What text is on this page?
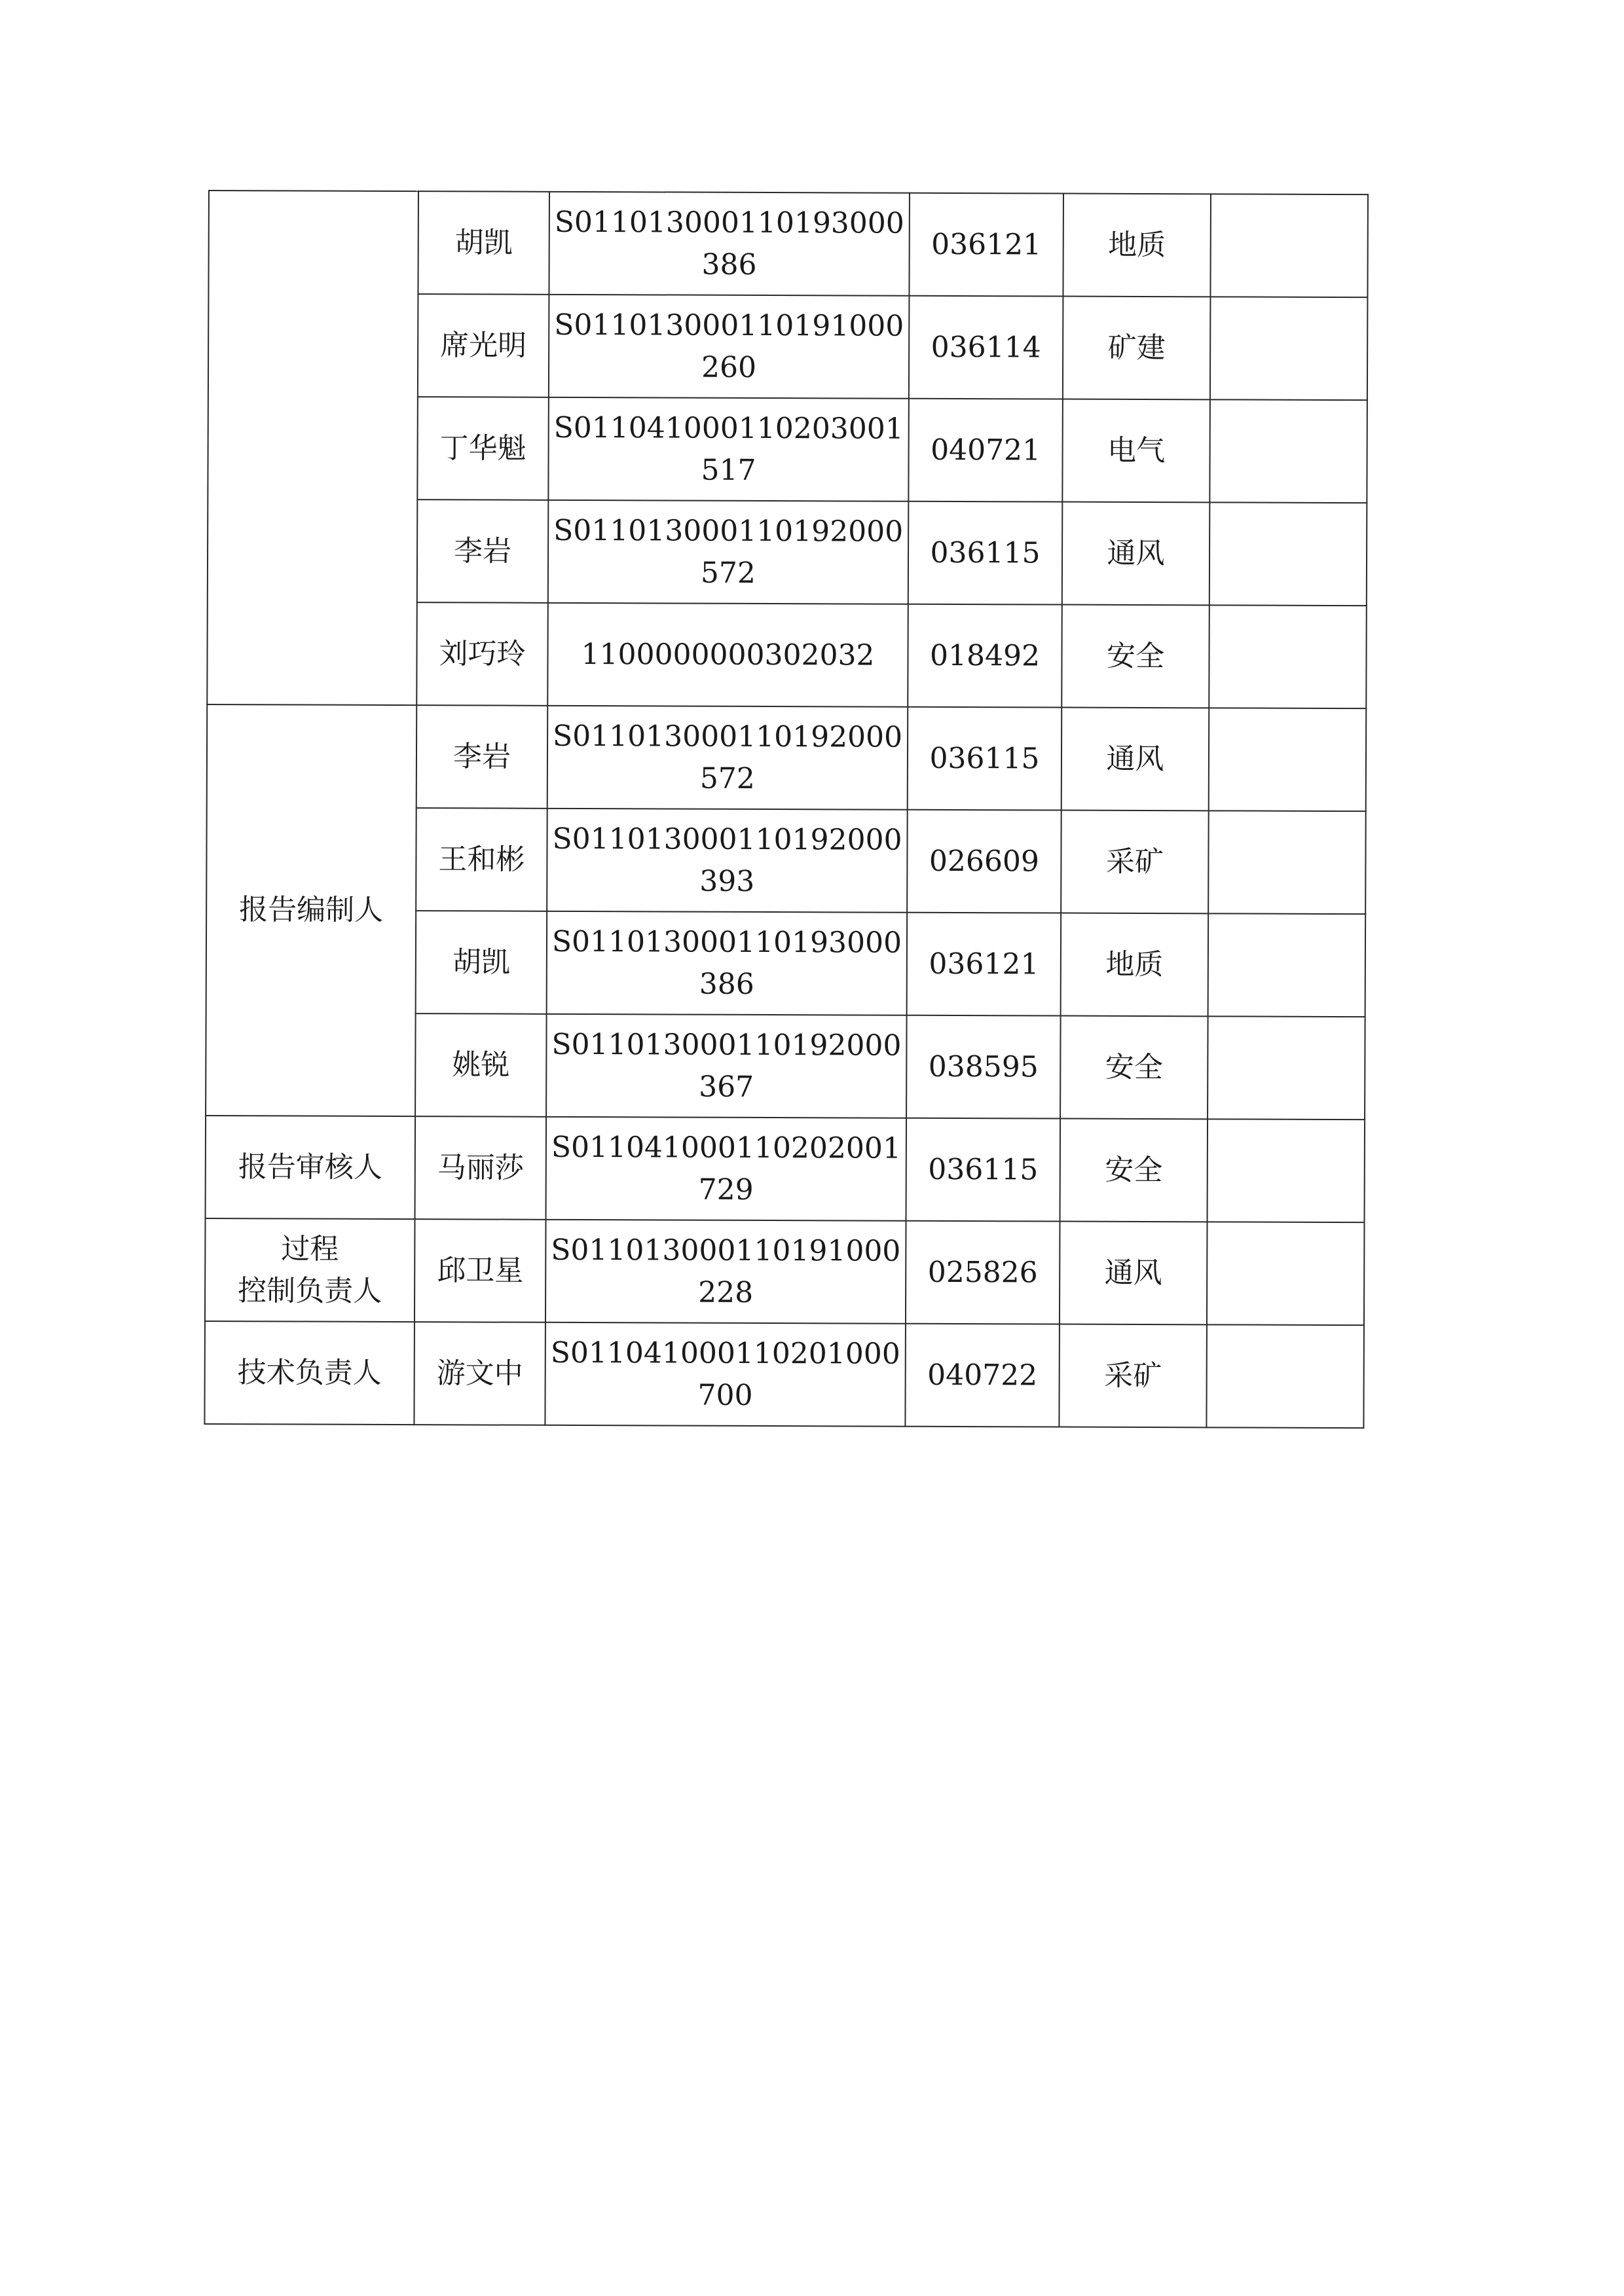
	胡凯	S011013000110193000386	036121	地质	
	席光明	S011013000110191000260	036114	矿建	
	丁华魁	S011041000110203001517	040721	电气	
	李岩	S011013000110192000572	036115	通风	
	刘巧玲	1100000000302032	018492	安全	

报告编制人	李岩	S011013000110192000572	036115	通风	
	王和彬	S011013000110192000393	026609	采矿	
	胡凯	S011013000110193000386	036121	地质	
	姚锐	S011013000110192000367	038595	安全	

报告审核人	马丽莎	S011041000110202001729	036115	安全	

过程
控制负责人	邱卫星	S011013000110191000228	025826	通风	

技术负责人	游文中	S011041000110201000700	040722	采矿	
